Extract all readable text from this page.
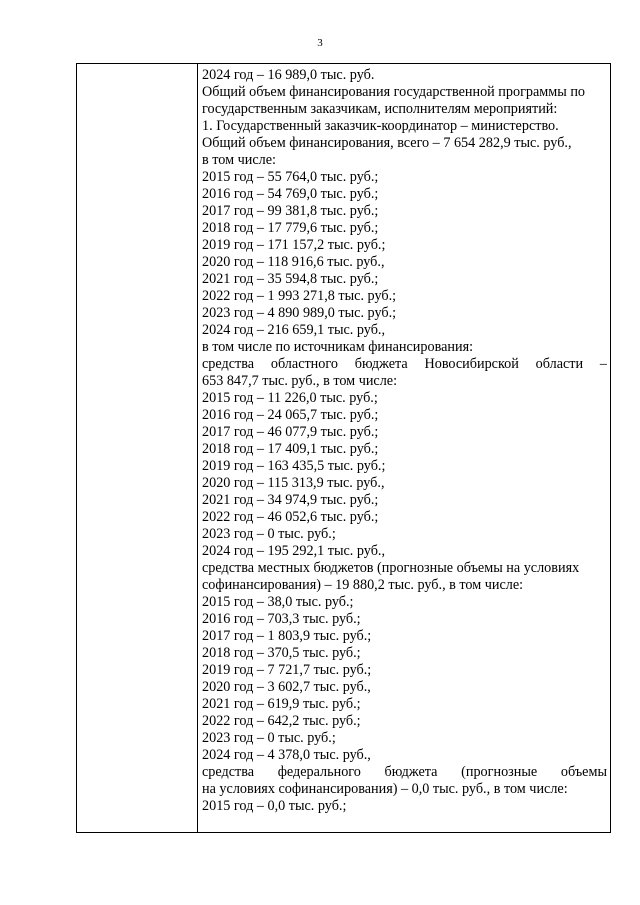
3

2024 год – 16 989,0 тыс. руб.
Общий объем финансирования государственной программы по
государственным заказчикам, исполнителям мероприятий:
1. Государственный заказчик-координатор – министерство.
Общий объем финансирования, всего – 7 654 282,9 тыс. руб.,
в том числе:
2015 год – 55 764,0 тыс. руб.;
2016 год – 54 769,0 тыс. руб.;
2017 год – 99 381,8 тыс. руб.;
2018 год – 17 779,6 тыс. руб.;
2019 год – 171 157,2 тыс. руб.;
2020 год – 118 916,6 тыс. руб.,
2021 год – 35 594,8 тыс. руб.;
2022 год – 1 993 271,8 тыс. руб.;
2023 год – 4 890 989,0 тыс. руб.;
2024 год – 216 659,1 тыс. руб.,
в том числе по источникам финансирования:
средства областного бюджета Новосибирской области –
653 847,7 тыс. руб., в том числе:
2015 год – 11 226,0 тыс. руб.;
2016 год – 24 065,7 тыс. руб.;
2017 год – 46 077,9 тыс. руб.;
2018 год – 17 409,1 тыс. руб.;
2019 год – 163 435,5 тыс. руб.;
2020 год – 115 313,9 тыс. руб.,
2021 год – 34 974,9 тыс. руб.;
2022 год – 46 052,6 тыс. руб.;
2023 год – 0 тыс. руб.;
2024 год – 195 292,1 тыс. руб.,
средства местных бюджетов (прогнозные объемы на условиях
софинансирования) – 19 880,2 тыс. руб., в том числе:
2015 год – 38,0 тыс. руб.;
2016 год – 703,3 тыс. руб.;
2017 год – 1 803,9 тыс. руб.;
2018 год – 370,5 тыс. руб.;
2019 год – 7 721,7 тыс. руб.;
2020 год – 3 602,7 тыс. руб.,
2021 год – 619,9 тыс. руб.;
2022 год – 642,2 тыс. руб.;
2023 год – 0 тыс. руб.;
2024 год – 4 378,0 тыс. руб.,
средства федерального бюджета (прогнозные объемы
на условиях софинансирования) – 0,0 тыс. руб., в том числе:
2015 год – 0,0 тыс. руб.;
